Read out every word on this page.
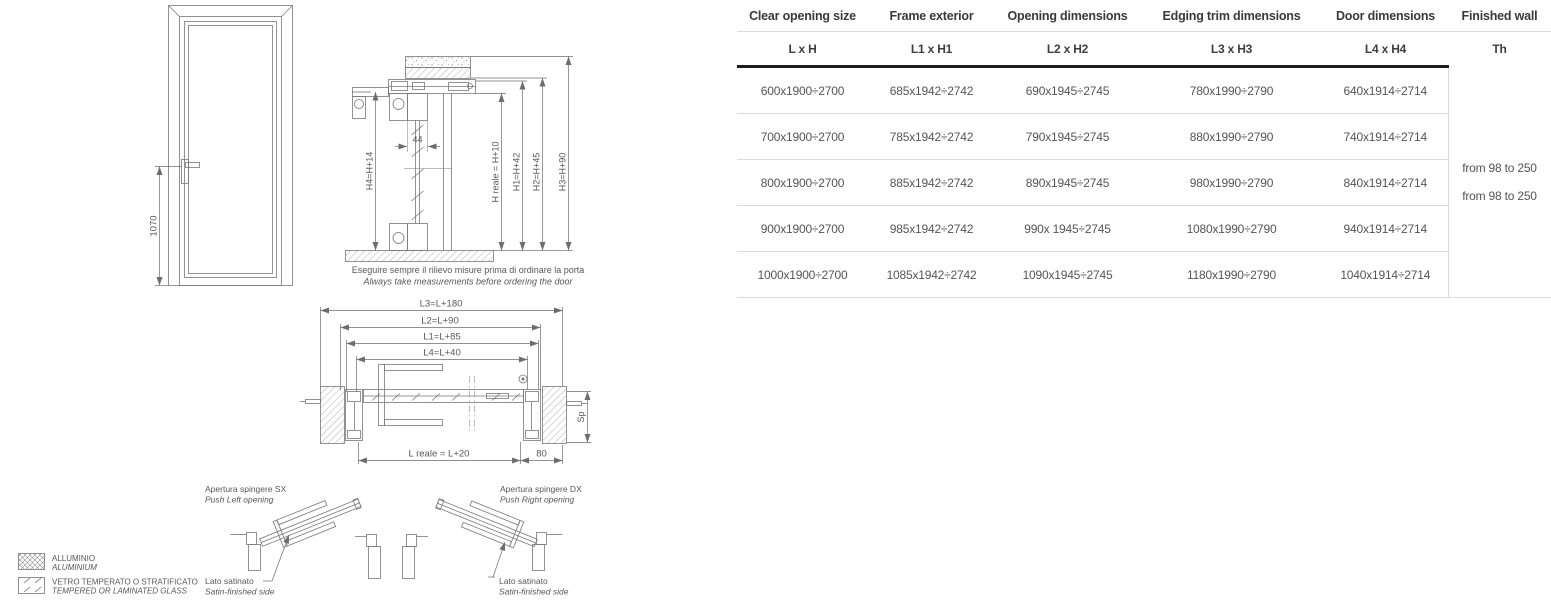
1070
44
H4=H+14	H reale = H+10 H1=H+42 H2=H+45 H3=H+90
Eseguire sempre il rilievo misure prima di ordinare la porta
Always take measurements before ordering the door
L3=L+180
L2=L+90
L1=L+85
L4=L+40
L reale = L+20	80
Sp
Apertura spingere SX
Push Left opening
Apertura spingere DX
Push Right opening
Lato satinato
Satin-finished side
Lato satinato
Satin-finished side
ALLUMINIO
ALUMINIUM
VETRO TEMPERATO O STRATIFICATO
TEMPERED OR LAMINATED GLASS
Clear opening size	Frame exterior	Opening dimensions	Edging trim dimensions	Door dimensions	Finished wall
L x H	L1 x H1	L2 x H2	L3 x H3	L4 x H4	Th
600x1900÷2700	685x1942÷2742	690x1945÷2745	780x1990÷2790	640x1914÷2714	from 98 to 250
from 98 to 250

700x1900÷2700	785x1942÷2742	790x1945÷2745	880x1990÷2790	740x1914÷2714	
800x1900÷2700	885x1942÷2742	890x1945÷2745	980x1990÷2790	840x1914÷2714	
900x1900÷2700	985x1942÷2742	990x 1945÷2745	1080x1990÷2790	940x1914÷2714	
1000x1900÷2700	1085x1942÷2742	1090x1945÷2745	1180x1990÷2790	1040x1914÷2714	
